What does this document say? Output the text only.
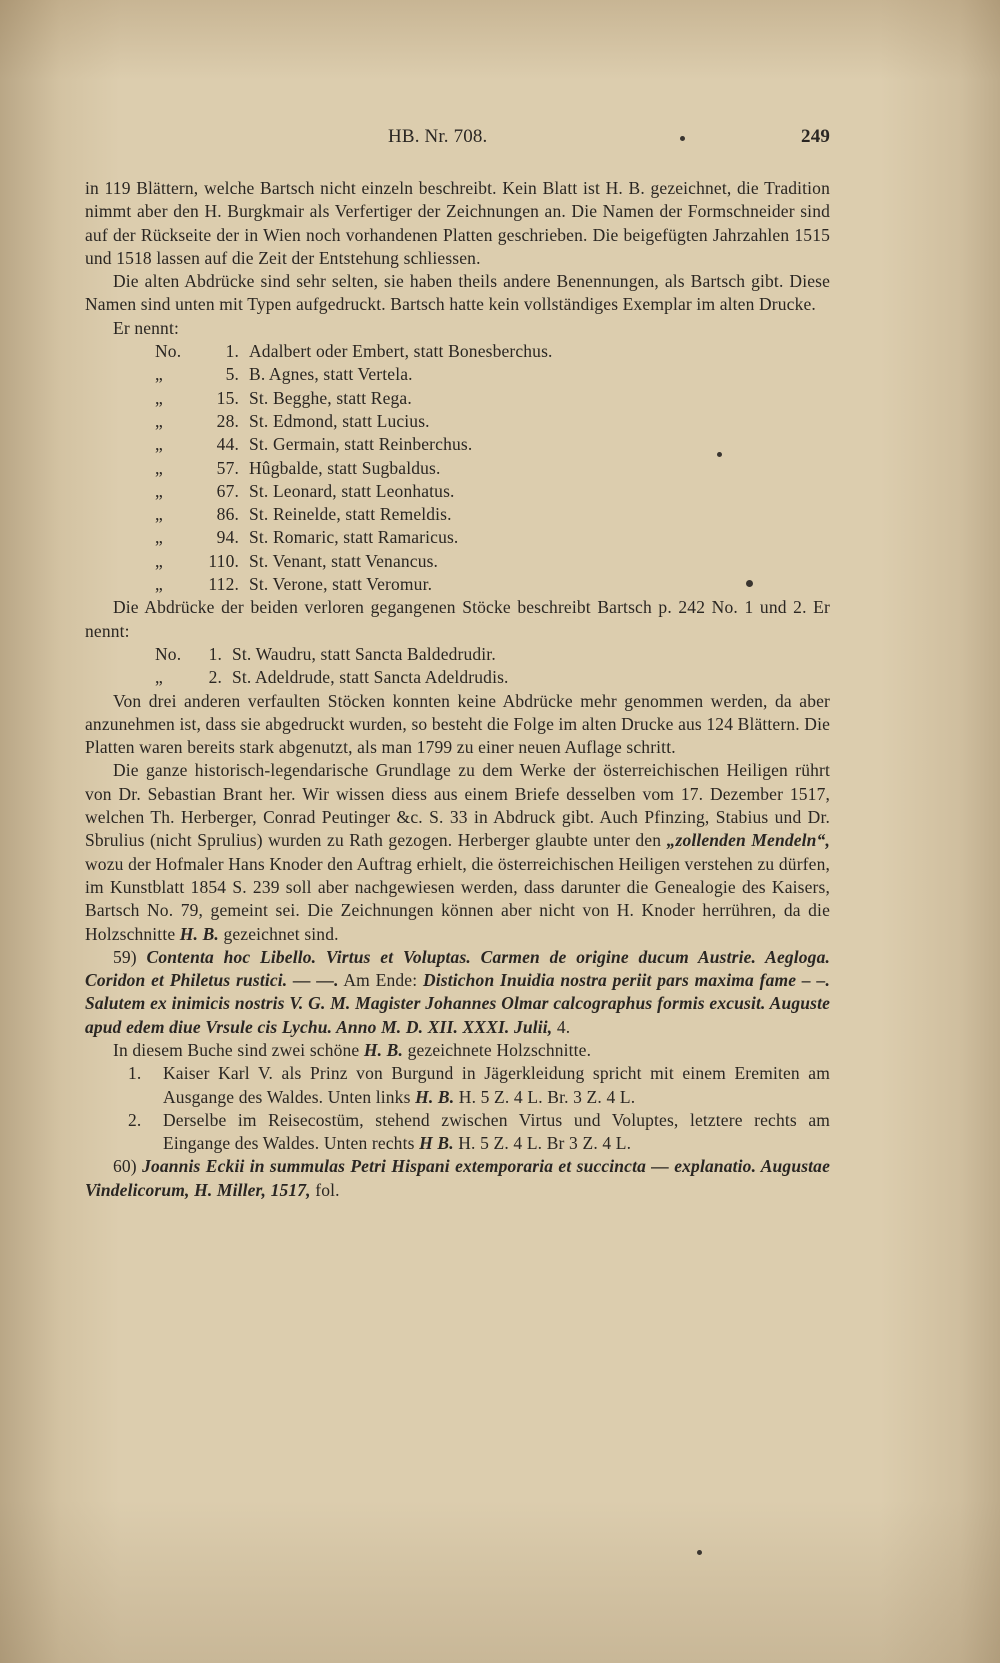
HB. Nr. 708.	249

in 119 Blättern, welche Bartsch nicht einzeln beschreibt. Kein Blatt ist H. B. gezeichnet, die Tradition nimmt aber den H. Burgkmair als Verfertiger der Zeichnungen an. Die Namen der Formschneider sind auf der Rückseite der in Wien noch vorhandenen Platten geschrieben. Die beigefügten Jahrzahlen 1515 und 1518 lassen auf die Zeit der Entstehung schliessen.

Die alten Abdrücke sind sehr selten, sie haben theils andere Benennungen, als Bartsch gibt. Diese Namen sind unten mit Typen aufgedruckt. Bartsch hatte kein vollständiges Exemplar im alten Drucke.

Er nennt:

No.	1. Adalbert oder Embert, statt Bonesberchus.
„	5. B. Agnes, statt Vertela.
„	15. St. Begghe, statt Rega.
„	28. St. Edmond, statt Lucius.
„	44. St. Germain, statt Reinberchus.
„	57. Hûgbalde, statt Sugbaldus.
„	67. St. Leonard, statt Leonhatus.
„	86. St. Reinelde, statt Remeldis.
„	94. St. Romaric, statt Ramaricus.
„	110. St. Venant, statt Venancus.
„	112. St. Verone, statt Veromur.

Die Abdrücke der beiden verloren gegangenen Stöcke beschreibt Bartsch p. 242 No. 1 und 2. Er nennt:

No.	1. St. Waudru, statt Sancta Baldedrudir.
„	2. St. Adeldrude, statt Sancta Adeldrudis.

Von drei anderen verfaulten Stöcken konnten keine Abdrücke mehr genommen werden, da aber anzunehmen ist, dass sie abgedruckt wurden, so besteht die Folge im alten Drucke aus 124 Blättern. Die Platten waren bereits stark abgenutzt, als man 1799 zu einer neuen Auflage schritt.

Die ganze historisch-legendarische Grundlage zu dem Werke der österreichischen Heiligen rührt von Dr. Sebastian Brant her. Wir wissen diess aus einem Briefe desselben vom 17. Dezember 1517, welchen Th. Herberger, Conrad Peutinger &c. S. 33 in Abdruck gibt. Auch Pfinzing, Stabius und Dr. Sbrulius (nicht Sprulius) wurden zu Rath gezogen. Herberger glaubte unter den „zollenden Mendeln“, wozu der Hofmaler Hans Knoder den Auftrag erhielt, die österreichischen Heiligen verstehen zu dürfen, im Kunstblatt 1854 S. 239 soll aber nachgewiesen werden, dass darunter die Genealogie des Kaisers, Bartsch No. 79, gemeint sei. Die Zeichnungen können aber nicht von H. Knoder herrühren, da die Holzschnitte H. B. gezeichnet sind.

59) Contenta hoc Libello. Virtus et Voluptas. Carmen de origine ducum Austrie. Aegloga. Coridon et Philetus rustici. — —. Am Ende: Distichon Inuidia nostra periit pars maxima fame – –. Salutem ex inimicis nostris V. G. M. Magister Johannes Olmar calcographus formis excusit. Auguste apud edem diue Vrsule cis Lychu. Anno M. D. XII. XXXI. Julii, 4.

In diesem Buche sind zwei schöne H. B. gezeichnete Holzschnitte.

1.	Kaiser Karl V. als Prinz von Burgund in Jägerkleidung spricht mit einem Eremiten am Ausgange des Waldes. Unten links H. B. H. 5 Z. 4 L. Br. 3 Z. 4 L.
2.	Derselbe im Reisecostüm, stehend zwischen Virtus und Voluptes, letztere rechts am Eingange des Waldes. Unten rechts H B. H. 5 Z. 4 L. Br 3 Z. 4 L.

60) Joannis Eckii in summulas Petri Hispani extemporaria et succincta — explanatio. Augustae Vindelicorum, H. Miller, 1517, fol.
